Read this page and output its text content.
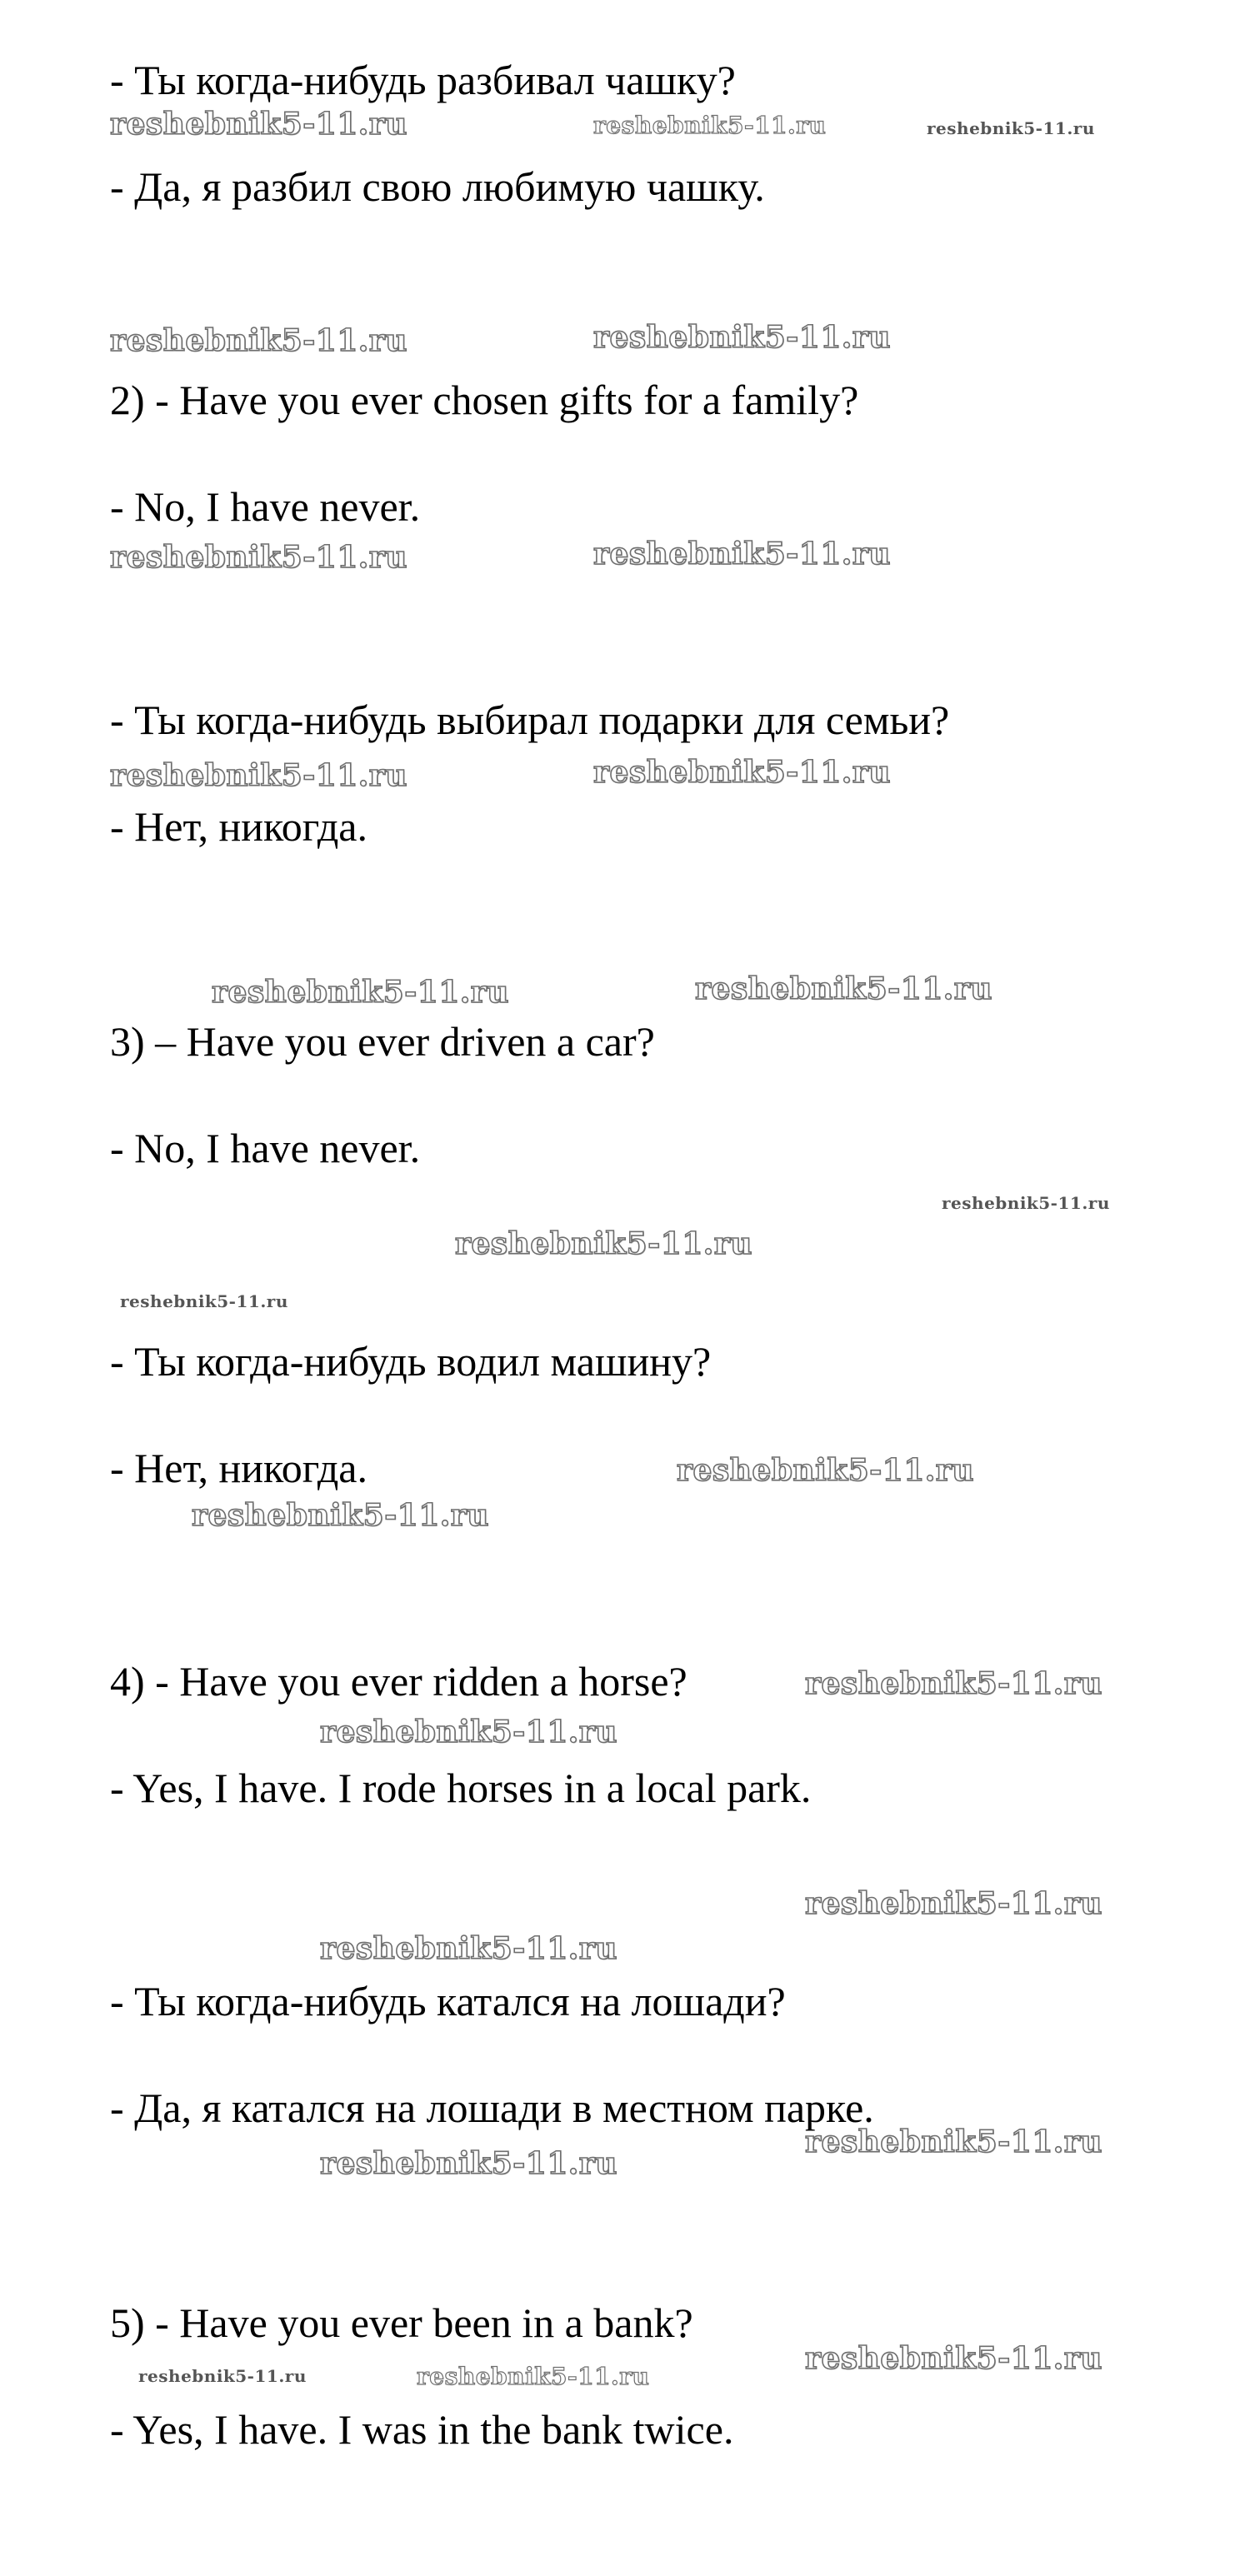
- Ты когда-нибудь разбивал чашку?
- Да, я разбил свою любимую чашку.
2) - Have you ever chosen gifts for a family?
- No, I have never.
- Ты когда-нибудь выбирал подарки для семьи?
- Нет, никогда.
3) – Have you ever driven a car?
- No, I have never.
- Ты когда-нибудь водил машину?
- Нет, никогда.
4) - Have you ever ridden a horse?
- Yes, I have. I rode horses in a local park.
- Ты когда-нибудь катался на лошади?
- Да, я катался на лошади в местном парке.
5) - Have you ever been in a bank?
- Yes, I have. I was in the bank twice.
reshebnik5-11.ru	reshebnik5-11.ru	reshebnik5-11.ru
reshebnik5-11.ru	reshebnik5-11.ru
reshebnik5-11.ru	reshebnik5-11.ru
reshebnik5-11.ru	reshebnik5-11.ru
reshebnik5-11.ru	reshebnik5-11.ru
reshebnik5-11.ru
reshebnik5-11.ru
reshebnik5-11.ru
reshebnik5-11.ru
reshebnik5-11.ru
reshebnik5-11.ru
reshebnik5-11.ru
reshebnik5-11.ru
reshebnik5-11.ru
reshebnik5-11.ru
reshebnik5-11.ru
reshebnik5-11.ru
reshebnik5-11.ru	reshebnik5-11.ru
